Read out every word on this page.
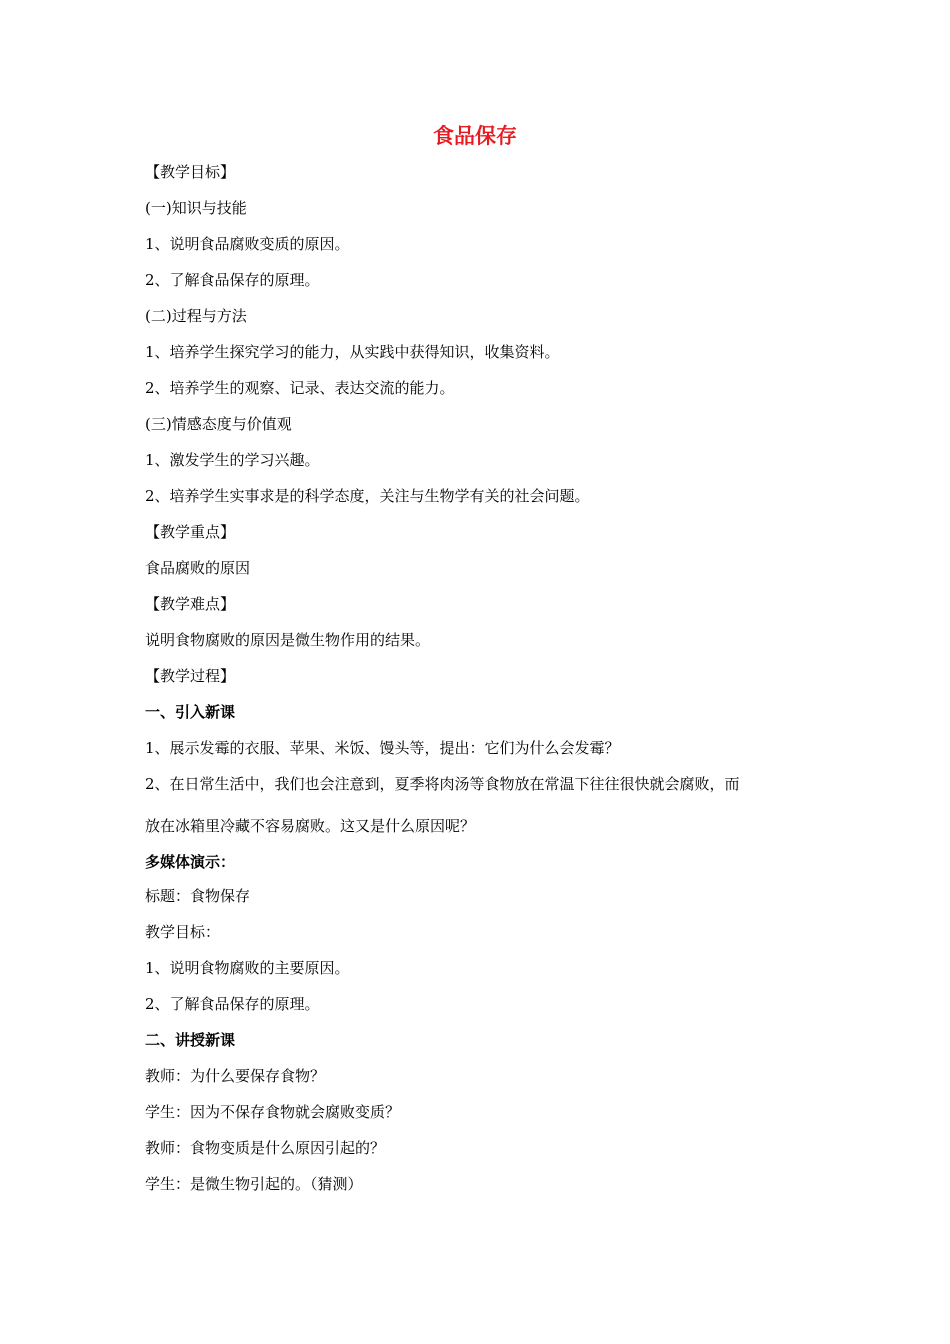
食品保存
【教学目标】
(一)知识与技能
1、说明食品腐败变质的原因。
2、了解食品保存的原理。
(二)过程与方法
1、培养学生探究学习的能力，从实践中获得知识，收集资料。
2、培养学生的观察、记录、表达交流的能力。
(三)情感态度与价值观
1、激发学生的学习兴趣。
2、培养学生实事求是的科学态度，关注与生物学有关的社会问题。
【教学重点】
食品腐败的原因
【教学难点】
说明食物腐败的原因是微生物作用的结果。
【教学过程】
一、引入新课
1、展示发霉的衣服、苹果、米饭、馒头等，提出：它们为什么会发霉？
2、在日常生活中，我们也会注意到，夏季将肉汤等食物放在常温下往往很快就会腐败，而
放在冰箱里冷藏不容易腐败。这又是什么原因呢？
多媒体演示：
标题：食物保存
教学目标：
1、说明食物腐败的主要原因。
2、了解食品保存的原理。
二、讲授新课
教师：为什么要保存食物？
学生：因为不保存食物就会腐败变质？
教师：食物变质是什么原因引起的？
学生：是微生物引起的。（猜测）
